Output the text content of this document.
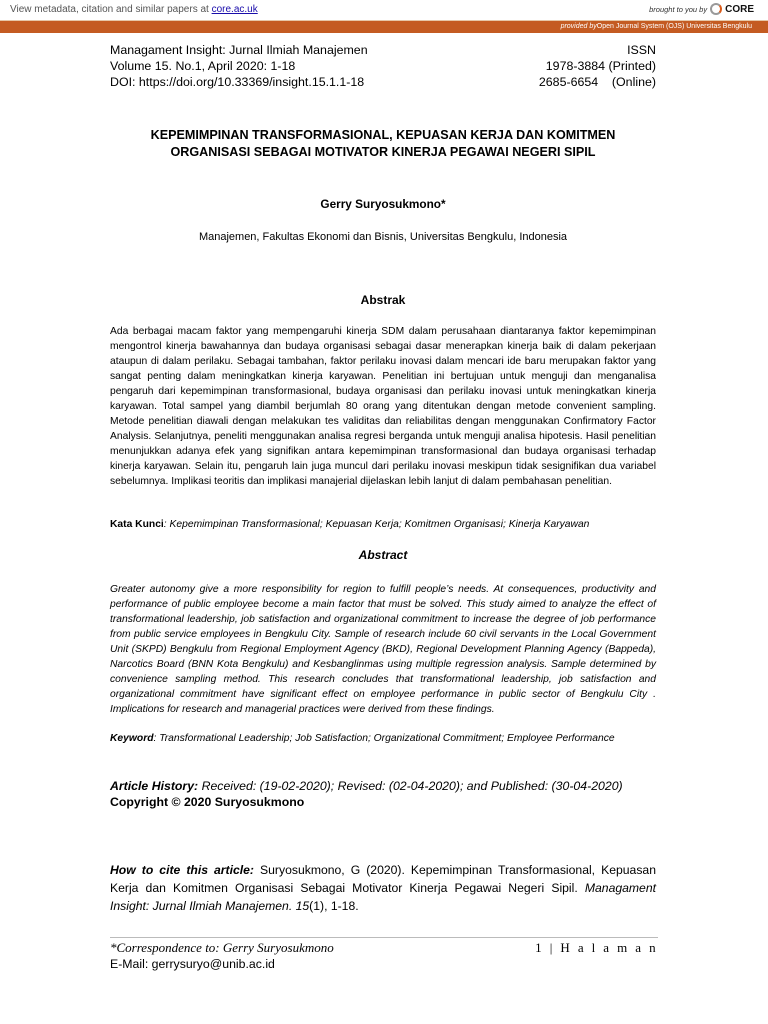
View metadata, citation and similar papers at core.ac.uk	brought to you by CORE
provided byOpen Journal System (OJS) Universitas Bengkulu
Managament Insight: Jurnal Ilmiah Manajemen	ISSN
Volume 15. No.1, April 2020: 1-18	1978-3884 (Printed)
DOI: https://doi.org/10.33369/insight.15.1.1-18	2685-6654    (Online)
KEPEMIMPINAN TRANSFORMASIONAL, KEPUASAN KERJA DAN KOMITMEN
ORGANISASI SEBAGAI MOTIVATOR KINERJA PEGAWAI NEGERI SIPIL
Gerry Suryosukmono*
Manajemen, Fakultas Ekonomi dan Bisnis, Universitas Bengkulu, Indonesia
Abstrak
Ada berbagai macam faktor yang mempengaruhi kinerja SDM dalam perusahaan diantaranya faktor kepemimpinan mengontrol kinerja bawahannya dan budaya organisasi sebagai dasar menerapkan kinerja baik di dalam pekerjaan ataupun di dalam perilaku. Sebagai tambahan, faktor perilaku inovasi dalam mencari ide baru merupakan faktor yang sangat penting dalam meningkatkan kinerja karyawan. Penelitian ini bertujuan untuk menguji dan menganalisa pengaruh dari kepemimpinan transformasional, budaya organisasi dan perilaku inovasi untuk meningkatkan kinerja karyawan. Total sampel yang diambil berjumlah 80 orang yang ditentukan dengan metode convenient sampling. Metode penelitian diawali dengan melakukan tes validitas dan reliabilitas dengan menggunakan Confirmatory Factor Analysis. Selanjutnya, peneliti menggunakan analisa regresi berganda untuk menguji analisa hipotesis. Hasil penelitian menunjukkan adanya efek yang signifikan antara kepemimpinan transformasional dan budaya organisasi terhadap kinerja karyawan. Selain itu, pengaruh lain juga muncul dari perilaku inovasi meskipun tidak sesignifikan dua variabel sebelumnya. Implikasi teoritis dan implikasi manajerial dijelaskan lebih lanjut di dalam pembahasan penelitian.
Kata Kunci: Kepemimpinan Transformasional; Kepuasan Kerja; Komitmen Organisasi; Kinerja Karyawan
Abstract
Greater autonomy give a more responsibility for region to fulfill people’s needs. At consequences, productivity and performance of public employee become a main factor that must be solved. This study aimed to analyze the effect of transformational leadership, job satisfaction and organizational commitment to increase the degree of job performance from public service employees in Bengkulu City. Sample of research include 60 civil servants in the Local Government Unit (SKPD) Bengkulu from Regional Employment Agency (BKD), Regional Development Planning Agency (Bappeda), Narcotics Board (BNN Kota Bengkulu) and Kesbanglinmas using multiple regression analysis. Sample determined by convenience sampling method. This research concludes that transformational leadership, job satisfaction and organizational commitment have significant effect on employee performance in public sector of Bengkulu City . Implications for research and managerial practices were derived from these findings.
Keyword: Transformational Leadership; Job Satisfaction; Organizational Commitment; Employee Performance
Article History: Received: (19-02-2020); Revised: (02-04-2020); and Published: (30-04-2020)
Copyright © 2020 Suryosukmono
How to cite this article: Suryosukmono, G (2020). Kepemimpinan Transformasional, Kepuasan Kerja dan Komitmen Organisasi Sebagai Motivator Kinerja Pegawai Negeri Sipil. Managament Insight: Jurnal Ilmiah Manajemen. 15(1), 1-18.
*Correspondence to: Gerry Suryosukmono	1 | H a l a m a n
E-Mail: gerrysuryo@unib.ac.id
